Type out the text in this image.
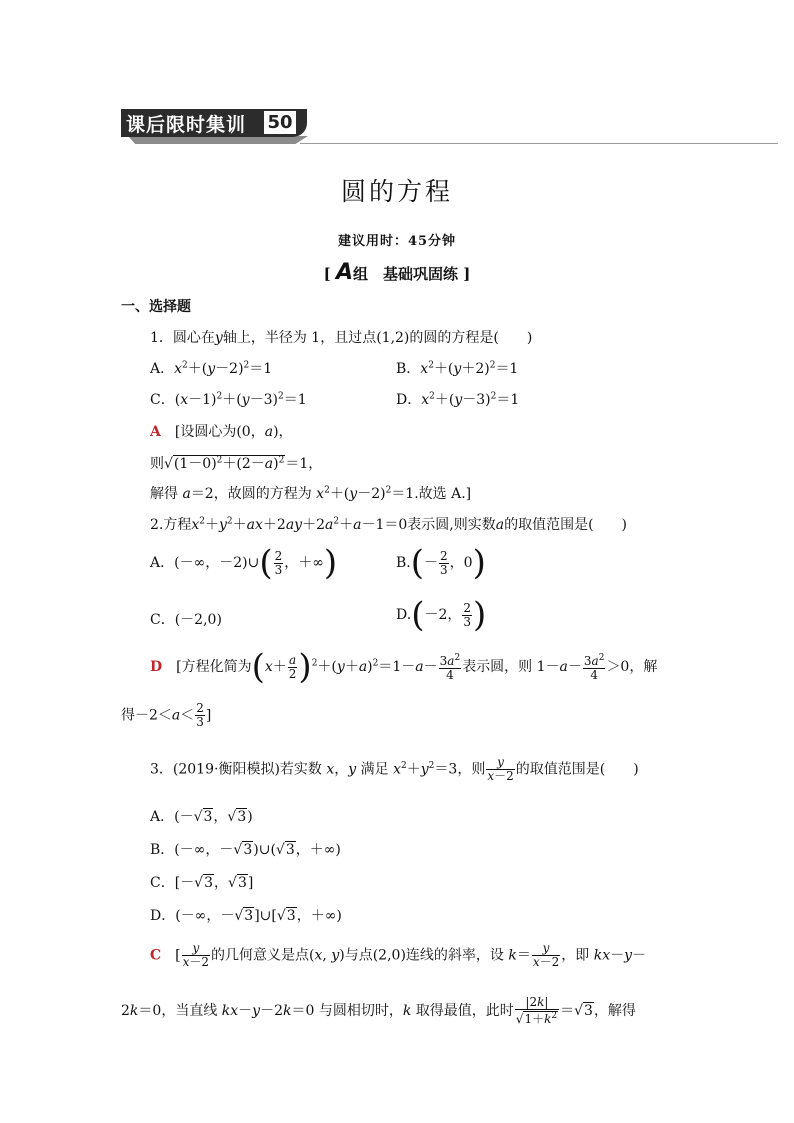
课后限时集训 50
圆的方程
建议用时：45分钟
[ A组　基础巩固练 ]
一、选择题
1．圆心在y轴上，半径为 1，且过点(1,2)的圆的方程是(　　)
A．$x^2+(y-2)^2=1$	B．$x^2+(y+2)^2=1$
C．$(x-1)^2+(y-3)^2=1$	D．$x^2+(y-3)^2=1$
A　[设圆心为(0，a)，
则$√(1-0)^2+(2-a)^2=1$，
解得 a＝2，故圆的方程为 $x^2+(y-2)^2=1$.故选 A.]
2.方程$x^2+y^2+ax+2ay+2a^2+a-1=0$表示圆,则实数a的取值范围是(　　)
A．(－∞，－2)∪( $\frac{2}{3}$ ，＋∞)	$B.(- \frac{2}{3}$ ，0)
C．(－2,0)	D.(－2， $\frac{2}{3}$ )
D　[方程化简为$(x+ \frac{a}{2} )^2+(y+a)^2=1-a- \frac{3a^2}{4}$ 表示圆，则 $1-a- \frac{3a^2}{4} >0$，解
得$-2<a< \frac{2}{3}$ ]
3．(2019·衡阳模拟)若实数 x，y 满足 $x^2+y^2=3$，则 $\frac{y}{x-2}$ 的取值范围是(　　)
A．(－√3，√3)
B．(－∞，－√3)∪(√3，＋∞)
C．[－√3，√3]
D．(－∞，－√3]∪[√3，＋∞)
C　[ $\frac{y}{x-2}$ 的几何意义是点(x, y)与点(2,0)连线的斜率，设 $k= \frac{y}{x-2}$ ，即 kx－y－
2k＝0，当直线 kx－y－2k＝0 与圆相切时，k 取得最值，此时 $\frac{|2k|}{√1+k^2} =√3$，解得
